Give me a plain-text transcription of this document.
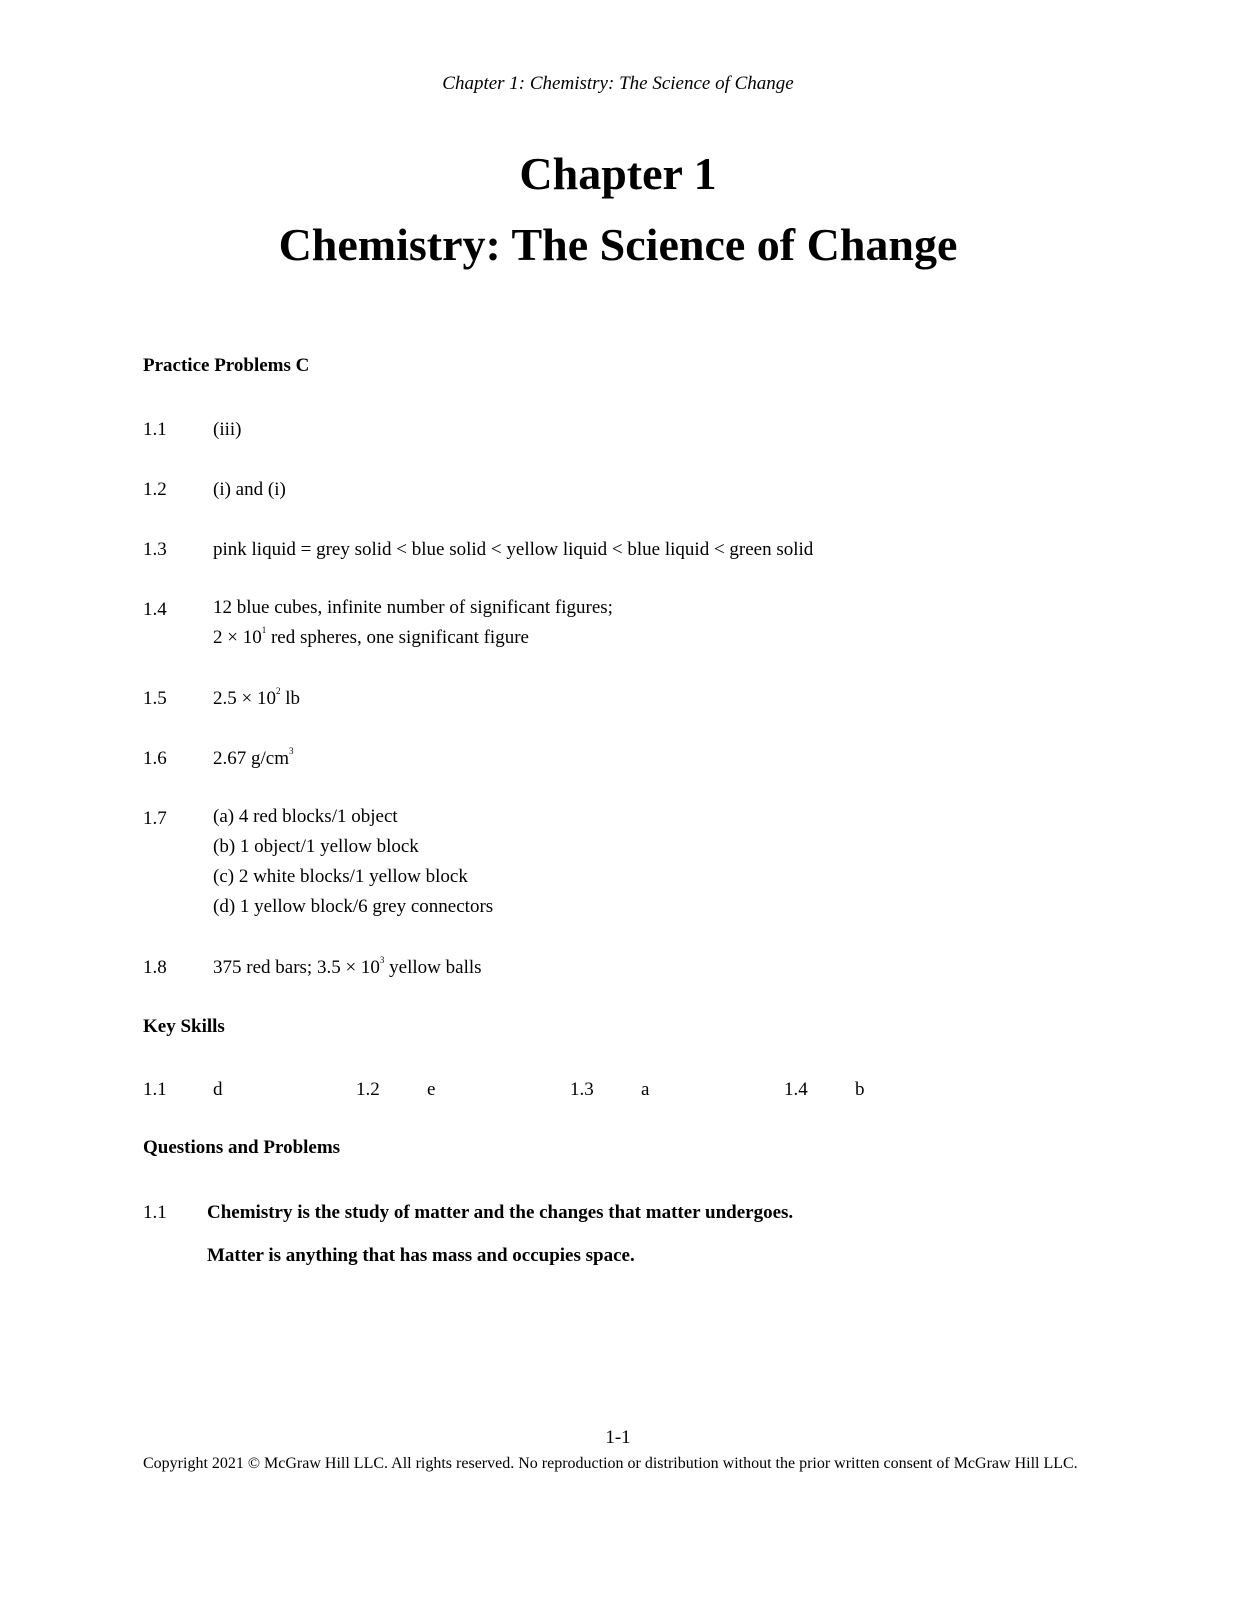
Chapter 1: Chemistry: The Science of Change
Chapter 1
Chemistry: The Science of Change
Practice Problems C
1.1 (iii)
1.2 (i) and (i)
1.3 pink liquid = grey solid < blue solid < yellow liquid < blue liquid < green solid
1.4 12 blue cubes, infinite number of significant figures;
$2 \times 10^1$ red spheres, one significant figure
1.5 $2.5 \times 10^2$ lb
1.6 2.67 $g/cm^3$
1.7 (a) 4 red blocks/1 object
(b) 1 object/1 yellow block
(c) 2 white blocks/1 yellow block
(d) 1 yellow block/6 grey connectors
1.8 375 red bars; $3.5 \times 10^3$ yellow balls
Key Skills
1.1 d	1.2 e	1.3 a	1.4 b
Questions and Problems
1.1 Chemistry is the study of matter and the changes that matter undergoes.
Matter is anything that has mass and occupies space.
1-1
Copyright 2021 © McGraw Hill LLC. All rights reserved. No reproduction or distribution without the prior written consent of McGraw Hill LLC.
